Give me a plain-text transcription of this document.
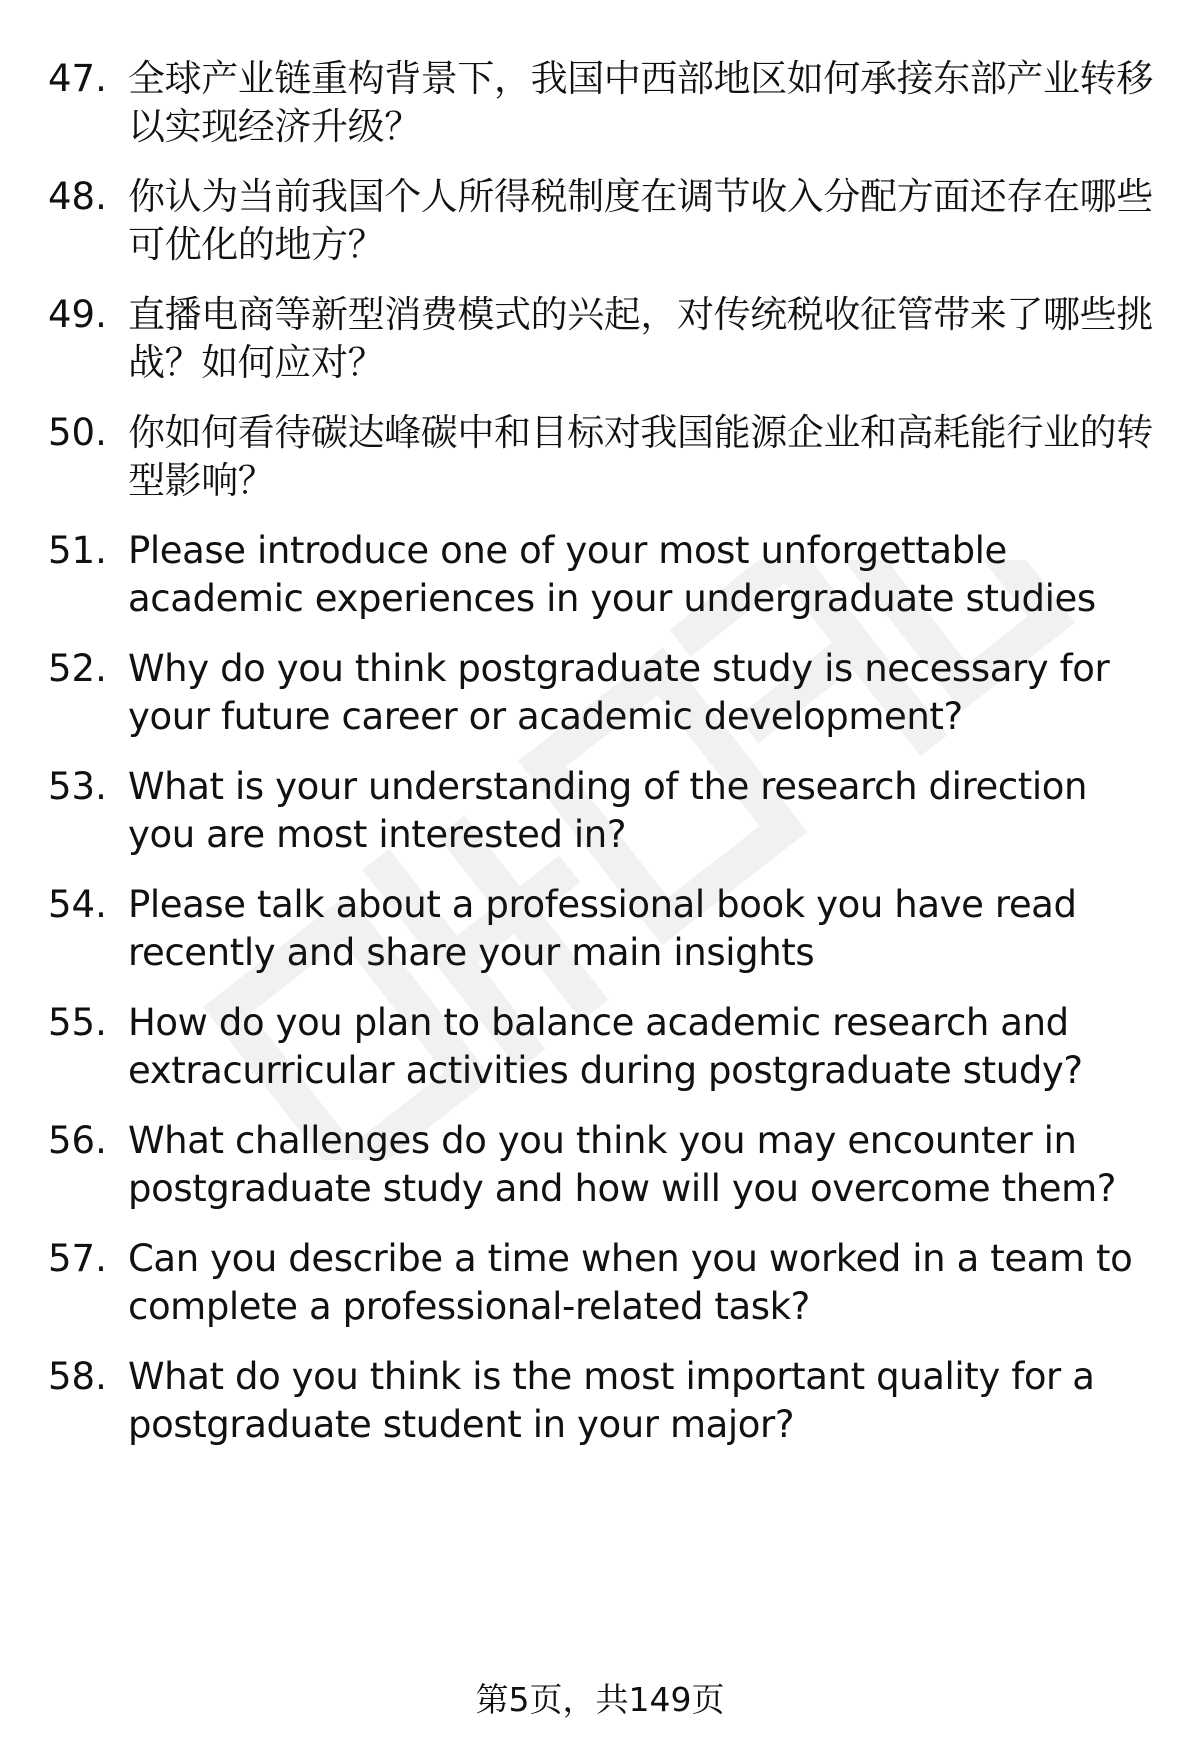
47. 全球产业链重构背景下，我国中西部地区如何承接东部产业转移以实现经济升级？
48. 你认为当前我国个人所得税制度在调节收入分配方面还存在哪些可优化的地方？
49. 直播电商等新型消费模式的兴起，对传统税收征管带来了哪些挑战？如何应对？
50. 你如何看待碳达峰碳中和目标对我国能源企业和高耗能行业的转型影响？
51. Please introduce one of your most unforgettable academic experiences in your undergraduate studies
52. Why do you think postgraduate study is necessary for your future career or academic development?
53. What is your understanding of the research direction you are most interested in?
54. Please talk about a professional book you have read recently and share your main insights
55. How do you plan to balance academic research and extracurricular activities during postgraduate study?
56. What challenges do you think you may encounter in postgraduate study and how will you overcome them?
57. Can you describe a time when you worked in a team to complete a professional-related task?
58. What do you think is the most important quality for a postgraduate student in your major?
第5页，共149页
